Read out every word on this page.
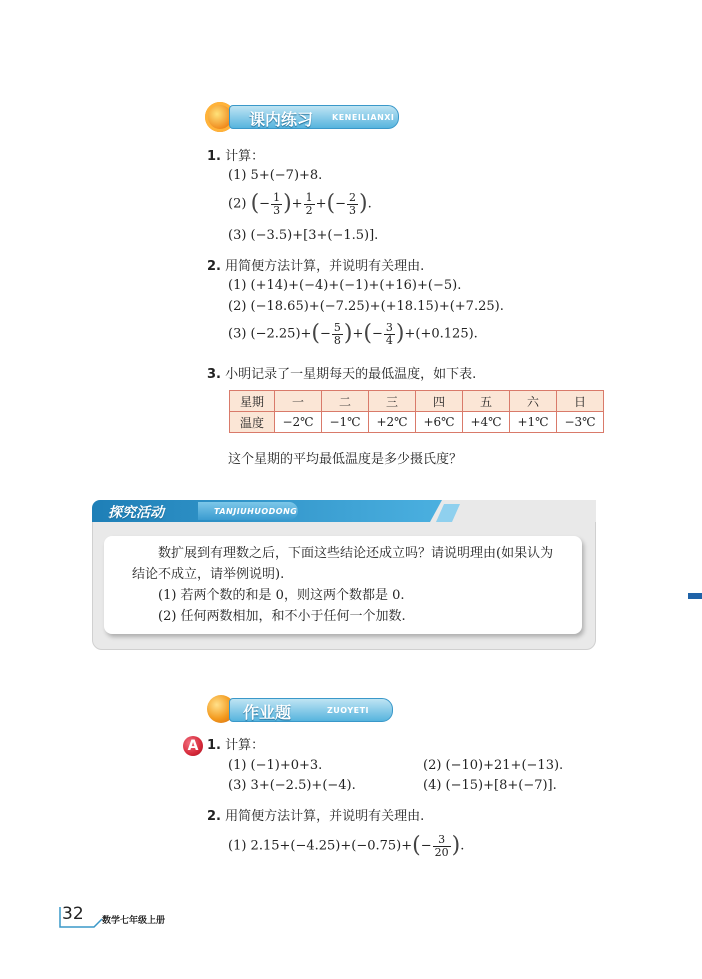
课内练习 KENEILIANXI
1. 计算：
(1) 5+(−7)+8.
(2) (− $\frac{1}{3}$ )+ $\frac{1}{2}$ +(− $\frac{2}{3}$ ).
(3) (−3.5)+[3+(−1.5)].
2. 用简便方法计算，并说明有关理由.
(1) (+14)+(−4)+(−1)+(+16)+(−5).
(2) (−18.65)+(−7.25)+(+18.15)+(+7.25).
(3) $(-2.25)+(- \frac{5}{8}$ )+(− $\frac{3}{4} )+(+0.125)$.
3. 小明记录了一星期每天的最低温度，如下表.
星期	一	二	三	四	五	六	日
温度	−2℃	−1℃	+2℃	+6℃	+4℃	+1℃	−3℃
这个星期的平均最低温度是多少摄氏度？
探究活动	TANJIUHUODONG
数扩展到有理数之后，下面这些结论还成立吗？请说明理由(如果认为
结论不成立，请举例说明).
(1) 若两个数的和是 0，则这两个数都是 0.
(2) 任何两数相加，和不小于任何一个加数.
作业题	ZUOYETI
A 1. 计算：
(1) (−1)+0+3.	(2) (−10)+21+(−13).
(3) 3+(−2.5)+(−4).	(4) (−15)+[8+(−7)].
2. 用简便方法计算，并说明有关理由.
(1) $2.15+(-4.25)+(-0.75)+(- \frac{3}{20}$ ).
32 数学七年级上册
